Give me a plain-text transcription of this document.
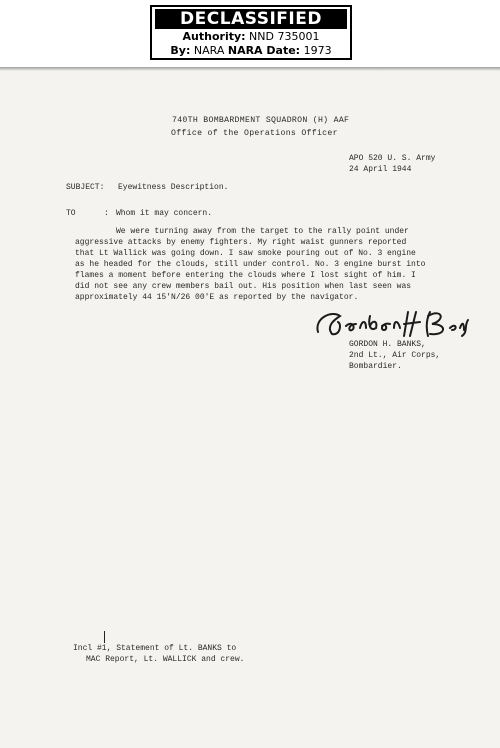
DECLASSIFIED
Authority: NND 735001
By: NARA NARA Date: 1973
740TH BOMBARDMENT SQUADRON (H) AAF
Office of the Operations Officer
APO 520 U. S. Army
24 April 1944
SUBJECT: Eyewitness Description.
TO	: Whom it may concern.
We were turning away from the target to the rally point under
aggressive attacks by enemy fighters. My right waist gunners reported
that Lt Wallick was going down. I saw smoke pouring out of No. 3 engine
as he headed for the clouds, still under control. No. 3 engine burst into
flames a moment before entering the clouds where I lost sight of him. I
did not see any crew members bail out. His position when last seen was
approximately 44 15'N/26 00'E as reported by the navigator.
GORDON H. BANKS,
2nd Lt., Air Corps,
Bombardier.
Incl #1, Statement of Lt. BANKS to
MAC Report, Lt. WALLICK and crew.
